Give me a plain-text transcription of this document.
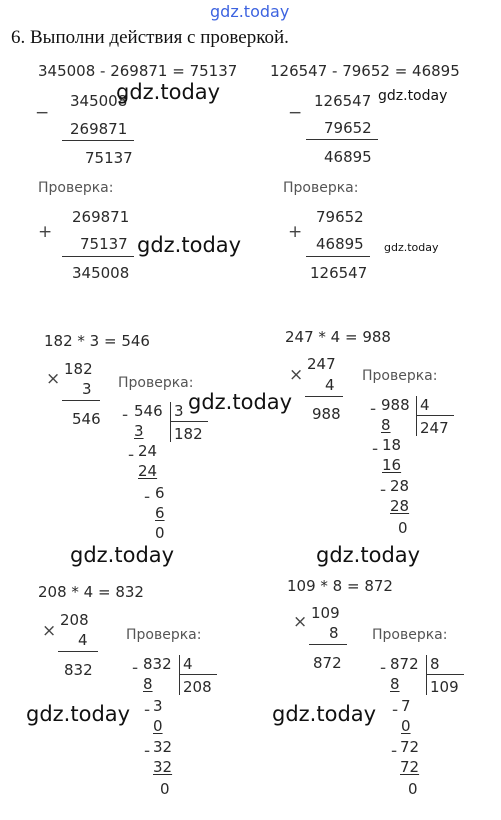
gdz.today
6. Выполни действия с проверкой.
345008 - 269871 = 75137
−
345008
gdz.today
269871
75137
Проверка:
269871
+
75137 gdz.today
345008
126547 - 79652 = 46895
−
126547 gdz.today
79652
46895
Проверка:
79652
+
46895 gdz.today
126547
182 * 3 = 546
182
× 3
546
Проверка:
- 546 3
182
gdz.today
3
- 24
24
- 6
6
0
247 * 4 = 988
247
× 4
988
Проверка:
- 988 4
247
8
- 18
16
- 28
28
0
gdz.today	gdz.today
208 * 4 = 832
208
× 4
832
Проверка:
- 832 4
208
8
gdz.today - 3
0
- 32
32
0
109 * 8 = 872
109
×
8
872
Проверка:
- 872 8
109
8
gdz.today - 7
0
- 72
72
0
